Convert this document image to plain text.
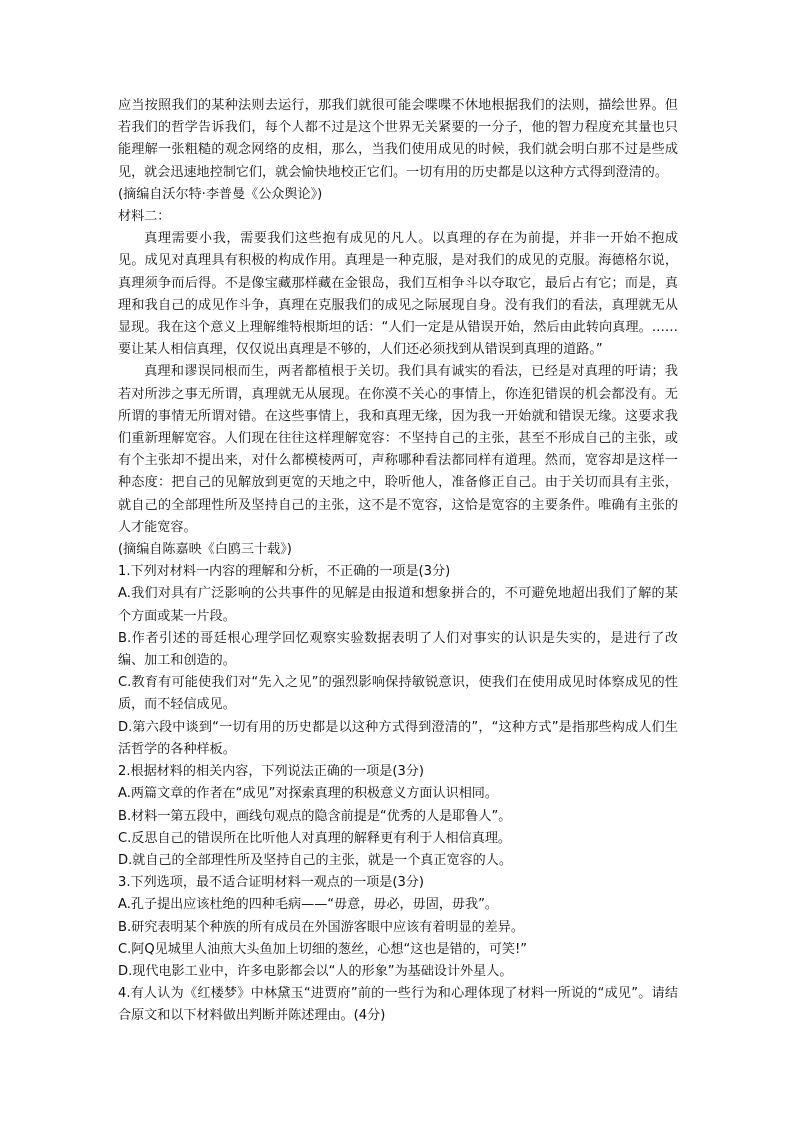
应当按照我们的某种法则去运行，那我们就很可能会喋喋不休地根据我们的法则，描绘世界。但若我们的哲学告诉我们，每个人都不过是这个世界无关紧要的一分子，他的智力程度充其量也只能理解一张粗糙的观念网络的皮相，那么，当我们使用成见的时候，我们就会明白那不过是些成见，就会迅速地控制它们，就会愉快地校正它们。一切有用的历史都是以这种方式得到澄清的。

(摘编自沃尔特·李普曼《公众舆论》)

材料二：

真理需要小我，需要我们这些抱有成见的凡人。以真理的存在为前提，并非一开始不抱成见。成见对真理具有积极的构成作用。真理是一种克服，是对我们的成见的克服。海德格尔说，真理须争而后得。不是像宝藏那样藏在金银岛，我们互相争斗以夺取它，最后占有它；而是，真理和我自己的成见作斗争，真理在克服我们的成见之际展现自身。没有我们的看法，真理就无从显现。我在这个意义上理解维特根斯坦的话：“人们一定是从错误开始，然后由此转向真理。……要让某人相信真理，仅仅说出真理是不够的，人们还必须找到从错误到真理的道路。”

真理和谬误同根而生，两者都植根于关切。我们具有诚实的看法，已经是对真理的吁请；我若对所涉之事无所谓，真理就无从展现。在你漠不关心的事情上，你连犯错误的机会都没有。无所谓的事情无所谓对错。在这些事情上，我和真理无缘，因为我一开始就和错误无缘。这要求我们重新理解宽容。人们现在往往这样理解宽容：不坚持自己的主张，甚至不形成自己的主张，或有个主张却不提出来，对什么都模棱两可，声称哪种看法都同样有道理。然而，宽容却是这样一种态度：把自己的见解放到更宽的天地之中，聆听他人，准备修正自己。由于关切而具有主张，就自己的全部理性所及坚持自己的主张，这不是不宽容，这恰是宽容的主要条件。唯确有主张的人才能宽容。

(摘编自陈嘉映《白鸥三十载》)

1.下列对材料一内容的理解和分析，不正确的一项是(3分)

A.我们对具有广泛影响的公共事件的见解是由报道和想象拼合的，不可避免地超出我们了解的某个方面或某一片段。

B.作者引述的哥廷根心理学回忆观察实验数据表明了人们对事实的认识是失实的，是进行了改编、加工和创造的。

C.教育有可能使我们对“先入之见”的强烈影响保持敏锐意识，使我们在使用成见时体察成见的性质，而不轻信成见。

D.第六段中谈到“一切有用的历史都是以这种方式得到澄清的”，“这种方式”是指那些构成人们生活哲学的各种样板。

2.根据材料的相关内容，下列说法正确的一项是(3分)

A.两篇文章的作者在“成见”对探索真理的积极意义方面认识相同。

B.材料一第五段中，画线句观点的隐含前提是“优秀的人是耶鲁人”。

C.反思自己的错误所在比听他人对真理的解释更有利于人相信真理。

D.就自己的全部理性所及坚持自己的主张，就是一个真正宽容的人。

3.下列选项，最不适合证明材料一观点的一项是(3分)

A.孔子提出应该杜绝的四种毛病——“毋意，毋必，毋固，毋我”。

B.研究表明某个种族的所有成员在外国游客眼中应该有着明显的差异。

C.阿Q见城里人油煎大头鱼加上切细的葱丝，心想“这也是错的，可笑!”

D.现代电影工业中，许多电影都会以“人的形象”为基础设计外星人。

4.有人认为《红楼梦》中林黛玉“进贾府”前的一些行为和心理体现了材料一所说的“成见”。请结合原文和以下材料做出判断并陈述理由。(4分)
